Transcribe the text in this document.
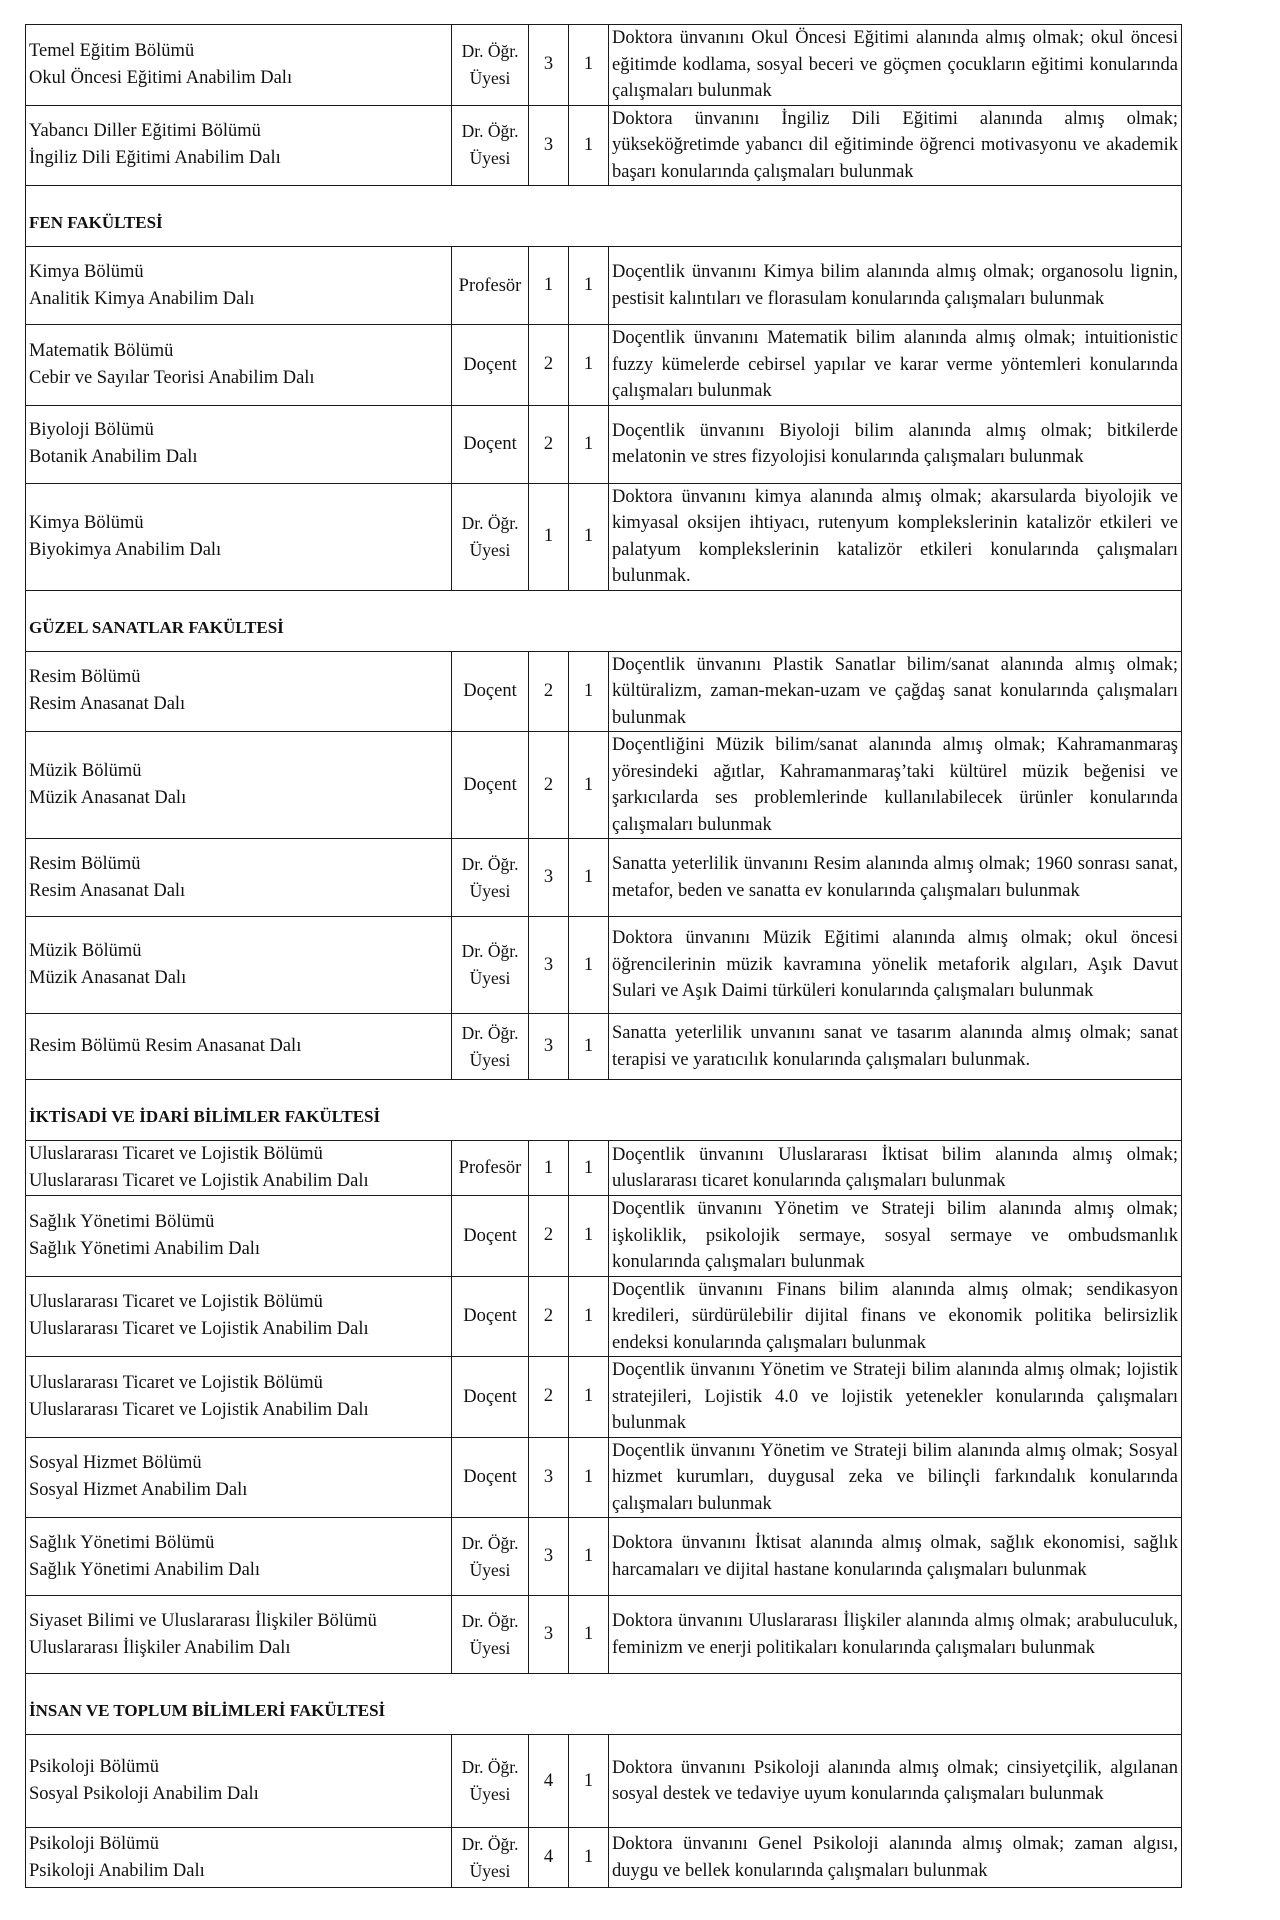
Temel Eğitim Bölümü
Okul Öncesi Eğitimi Anabilim Dalı	Dr. Öğr.
Üyesi	3	1	Doktora ünvanını Okul Öncesi Eğitimi alanında almış olmak; okul öncesi eğitimde kodlama, sosyal beceri ve göçmen çocukların eğitimi konularında çalışmaları bulunmak

Yabancı Diller Eğitimi Bölümü
İngiliz Dili Eğitimi Anabilim Dalı	Dr. Öğr.
Üyesi	3	1	Doktora ünvanını İngiliz Dili Eğitimi alanında almış olmak; yükseköğretimde yabancı dil eğitiminde öğrenci motivasyonu ve akademik başarı konularında çalışmaları bulunmak

FEN FAKÜLTESİ				

Kimya Bölümü
Analitik Kimya Anabilim Dalı	Profesör	1	1	Doçentlik ünvanını Kimya bilim alanında almış olmak; organosolu lignin, pestisit kalıntıları ve florasulam konularında çalışmaları bulunmak

Matematik Bölümü
Cebir ve Sayılar Teorisi Anabilim Dalı	Doçent	2	1	Doçentlik ünvanını Matematik bilim alanında almış olmak; intuitionistic fuzzy kümelerde cebirsel yapılar ve karar verme yöntemleri konularında çalışmaları bulunmak

Biyoloji Bölümü
Botanik Anabilim Dalı	Doçent	2	1	Doçentlik ünvanını Biyoloji bilim alanında almış olmak; bitkilerde melatonin ve stres fizyolojisi konularında çalışmaları bulunmak

Kimya Bölümü
Biyokimya Anabilim Dalı	Dr. Öğr.
Üyesi	1	1	Doktora ünvanını kimya alanında almış olmak; akarsularda biyolojik ve kimyasal oksijen ihtiyacı, rutenyum komplekslerinin katalizör etkileri ve palatyum komplekslerinin katalizör etkileri konularında çalışmaları bulunmak.

GÜZEL SANATLAR FAKÜLTESİ				

Resim Bölümü
Resim Anasanat Dalı	Doçent	2	1	Doçentlik ünvanını Plastik Sanatlar bilim/sanat alanında almış olmak; kültüralizm, zaman-mekan-uzam ve çağdaş sanat konularında çalışmaları bulunmak

Müzik Bölümü
Müzik Anasanat Dalı	Doçent	2	1	Doçentliğini Müzik bilim/sanat alanında almış olmak; Kahramanmaraş yöresindeki ağıtlar, Kahramanmaraş’taki kültürel müzik beğenisi ve şarkıcılarda ses problemlerinde kullanılabilecek ürünler konularında çalışmaları bulunmak

Resim Bölümü
Resim Anasanat Dalı	Dr. Öğr.
Üyesi	3	1	Sanatta yeterlilik ünvanını Resim alanında almış olmak; 1960 sonrası sanat, metafor, beden ve sanatta ev konularında çalışmaları bulunmak

Müzik Bölümü
Müzik Anasanat Dalı	Dr. Öğr.
Üyesi	3	1	Doktora ünvanını Müzik Eğitimi alanında almış olmak; okul öncesi öğrencilerinin müzik kavramına yönelik metaforik algıları, Aşık Davut Sulari ve Aşık Daimi türküleri konularında çalışmaları bulunmak

Resim Bölümü Resim Anasanat Dalı	Dr. Öğr.
Üyesi	3	1	Sanatta yeterlilik unvanını sanat ve tasarım alanında almış olmak; sanat terapisi ve yaratıcılık konularında çalışmaları bulunmak.

İKTİSADİ VE İDARİ BİLİMLER FAKÜLTESİ				

Uluslararası Ticaret ve Lojistik Bölümü
Uluslararası Ticaret ve Lojistik Anabilim Dalı	Profesör	1	1	Doçentlik ünvanını Uluslararası İktisat bilim alanında almış olmak; uluslararası ticaret konularında çalışmaları bulunmak

Sağlık Yönetimi Bölümü
Sağlık Yönetimi Anabilim Dalı	Doçent	2	1	Doçentlik ünvanını Yönetim ve Strateji bilim alanında almış olmak; işkoliklik, psikolojik sermaye, sosyal sermaye ve ombudsmanlık konularında çalışmaları bulunmak

Uluslararası Ticaret ve Lojistik Bölümü
Uluslararası Ticaret ve Lojistik Anabilim Dalı	Doçent	2	1	Doçentlik ünvanını Finans bilim alanında almış olmak; sendikasyon kredileri, sürdürülebilir dijital finans ve ekonomik politika belirsizlik endeksi konularında çalışmaları bulunmak

Uluslararası Ticaret ve Lojistik Bölümü
Uluslararası Ticaret ve Lojistik Anabilim Dalı	Doçent	2	1	Doçentlik ünvanını Yönetim ve Strateji bilim alanında almış olmak; lojistik stratejileri, Lojistik 4.0 ve lojistik yetenekler konularında çalışmaları bulunmak

Sosyal Hizmet Bölümü
Sosyal Hizmet Anabilim Dalı	Doçent	3	1	Doçentlik ünvanını Yönetim ve Strateji bilim alanında almış olmak; Sosyal hizmet kurumları, duygusal zeka ve bilinçli farkındalık konularında çalışmaları bulunmak

Sağlık Yönetimi Bölümü
Sağlık Yönetimi Anabilim Dalı	Dr. Öğr.
Üyesi	3	1	Doktora ünvanını İktisat alanında almış olmak, sağlık ekonomisi, sağlık harcamaları ve dijital hastane konularında çalışmaları bulunmak

Siyaset Bilimi ve Uluslararası İlişkiler Bölümü
Uluslararası İlişkiler Anabilim Dalı	Dr. Öğr.
Üyesi	3	1	Doktora ünvanını Uluslararası İlişkiler alanında almış olmak; arabuluculuk, feminizm ve enerji politikaları konularında çalışmaları bulunmak

İNSAN VE TOPLUM BİLİMLERİ FAKÜLTESİ				

Psikoloji Bölümü
Sosyal Psikoloji Anabilim Dalı	Dr. Öğr.
Üyesi	4	1	Doktora ünvanını Psikoloji alanında almış olmak; cinsiyetçilik, algılanan sosyal destek ve tedaviye uyum konularında çalışmaları bulunmak

Psikoloji Bölümü
Psikoloji Anabilim Dalı	Dr. Öğr.
Üyesi	4	1	Doktora ünvanını Genel Psikoloji alanında almış olmak; zaman algısı, duygu ve bellek konularında çalışmaları bulunmak
